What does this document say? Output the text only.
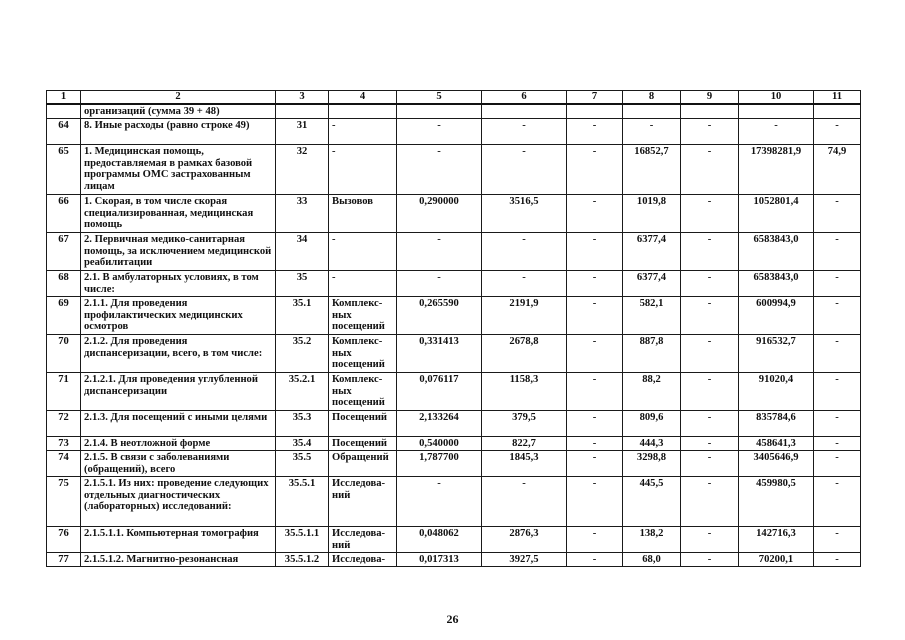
1	2	3	4	5	6	7	8	9	10	11
	организаций (сумма 39 + 48)									
64	8. Иные расходы (равно строке 49)	31	-	-	-	-	-	-	-	-
65	1. Медицинская помощь, предоставляемая в рамках базовой программы ОМС застрахованным лицам	32	-	-	-	-	16852,7	-	17398281,9	74,9
66	1. Скорая, в том числе скорая специализированная, медицинская помощь	33	Вызовов	0,290000	3516,5	-	1019,8	-	1052801,4	-
67	2. Первичная медико-санитарная помощь, за исключением медицинской реабилитации	34	-	-	-	-	6377,4	-	6583843,0	-
68	2.1. В амбулаторных условиях, в том числе:	35	-	-	-	-	6377,4	-	6583843,0	-
69	2.1.1. Для проведения профилактических медицинских осмотров	35.1	Комплекс- ных посещений	0,265590	2191,9	-	582,1	-	600994,9	-
70	2.1.2. Для проведения диспансеризации, всего, в том числе:	35.2	Комплекс- ных посещений	0,331413	2678,8	-	887,8	-	916532,7	-
71	2.1.2.1. Для проведения углубленной диспансеризации	35.2.1	Комплекс- ных посещений	0,076117	1158,3	-	88,2	-	91020,4	-
72	2.1.3. Для посещений с иными целями	35.3	Посещений	2,133264	379,5	-	809,6	-	835784,6	-
73	2.1.4. В неотложной форме	35.4	Посещений	0,540000	822,7	-	444,3	-	458641,3	-
74	2.1.5. В связи с заболеваниями (обращений), всего	35.5	Обращений	1,787700	1845,3	-	3298,8	-	3405646,9	-
75	2.1.5.1. Из них: проведение следующих отдельных диагностических (лабораторных) исследований:	35.5.1	Исследова- ний	-	-	-	445,5	-	459980,5	-
76	2.1.5.1.1. Компьютерная томография	35.5.1.1	Исследова- ний	0,048062	2876,3	-	138,2	-	142716,3	-
77	2.1.5.1.2. Магнитно-резонансная	35.5.1.2	Исследова-	0,017313	3927,5	-	68,0	-	70200,1	-
26
